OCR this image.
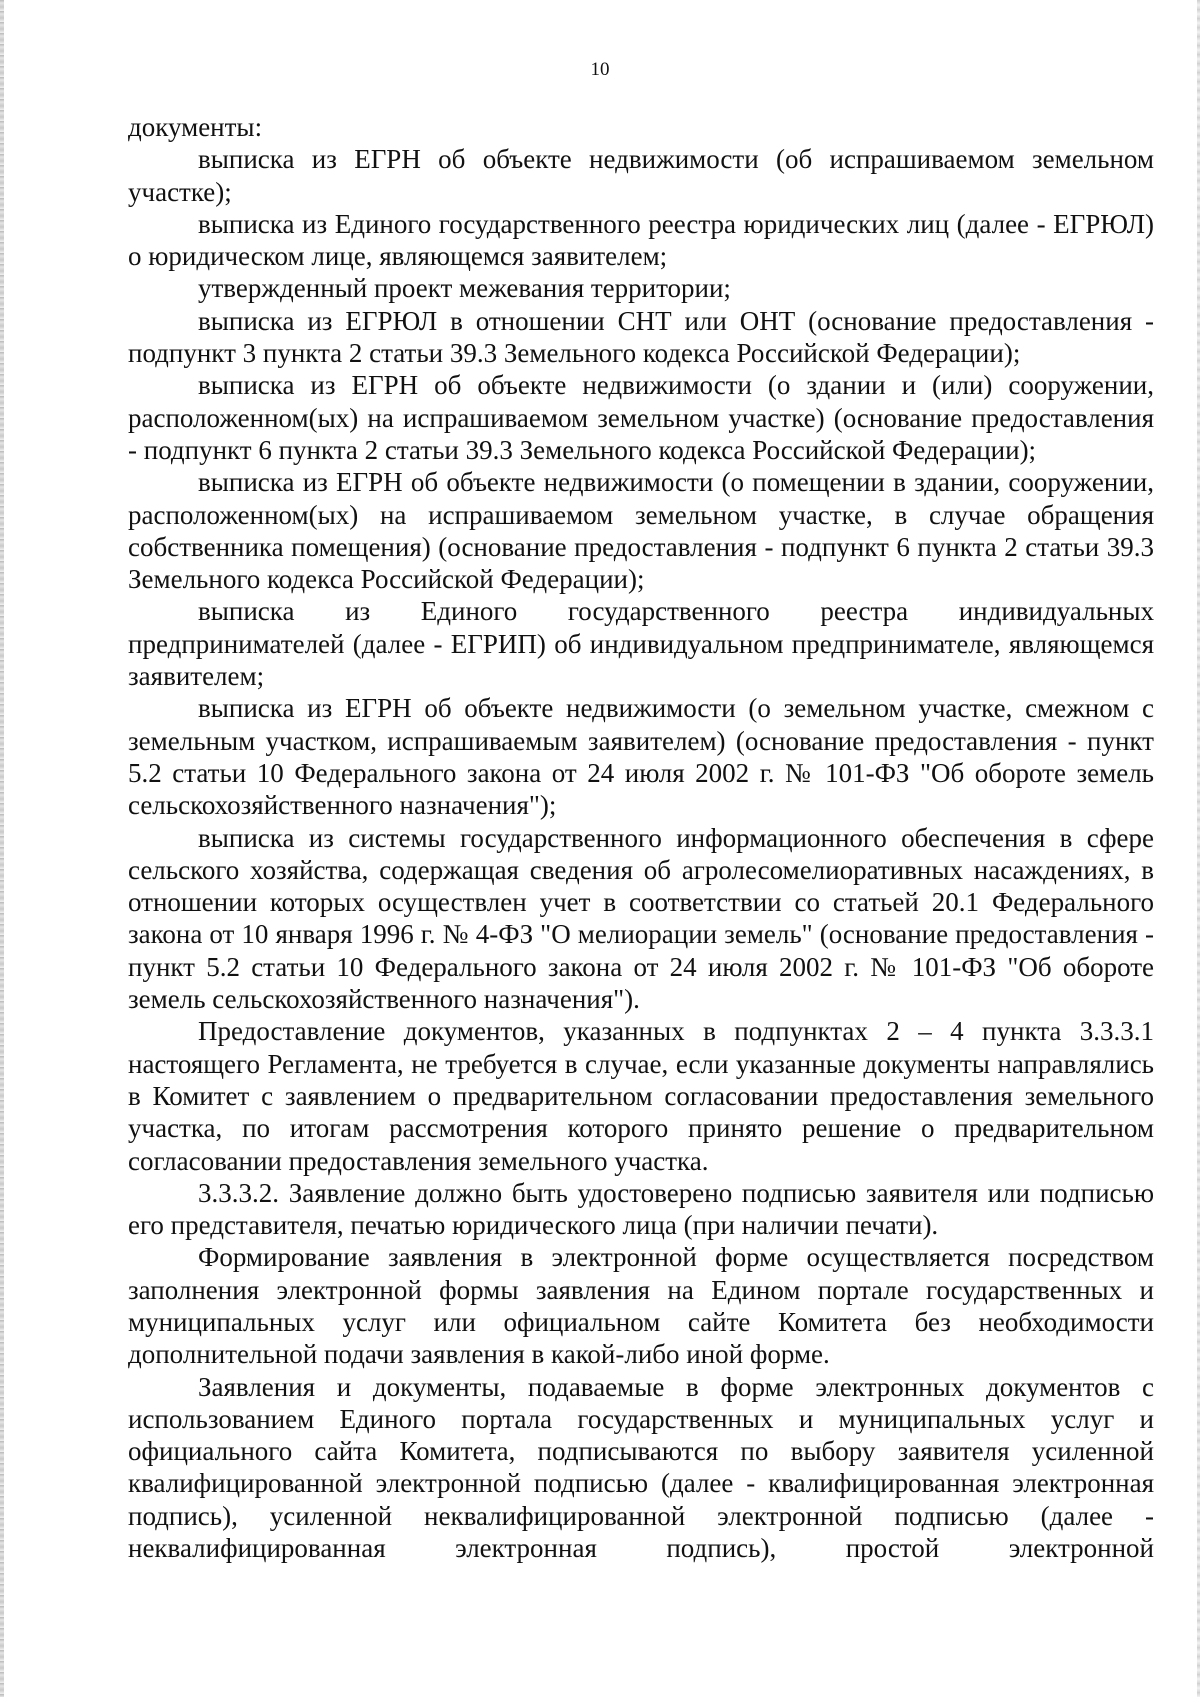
10

документы:

выписка из ЕГРН об объекте недвижимости (об испрашиваемом земельном участке);

выписка из Единого государственного реестра юридических лиц (далее - ЕГРЮЛ) о юридическом лице, являющемся заявителем;

утвержденный проект межевания территории;

выписка из ЕГРЮЛ в отношении СНТ или ОНТ (основание предоставления - подпункт 3 пункта 2 статьи 39.3 Земельного кодекса Российской Федерации);

выписка из ЕГРН об объекте недвижимости (о здании и (или) сооружении, расположенном(ых) на испрашиваемом земельном участке) (основание предоставления - подпункт 6 пункта 2 статьи 39.3 Земельного кодекса Российской Федерации);

выписка из ЕГРН об объекте недвижимости (о помещении в здании, сооружении, расположенном(ых) на испрашиваемом земельном участке, в случае обращения собственника помещения) (основание предоставления - подпункт 6 пункта 2 статьи 39.3 Земельного кодекса Российской Федерации);

выписка из Единого государственного реестра индивидуальных предпринимателей (далее - ЕГРИП) об индивидуальном предпринимателе, являющемся заявителем;

выписка из ЕГРН об объекте недвижимости (о земельном участке, смежном с земельным участком, испрашиваемым заявителем) (основание предоставления - пункт 5.2 статьи 10 Федерального закона от 24 июля 2002 г. № 101-ФЗ "Об обороте земель сельскохозяйственного назначения");

выписка из системы государственного информационного обеспечения в сфере сельского хозяйства, содержащая сведения об агролесомелиоративных насаждениях, в отношении которых осуществлен учет в соответствии со статьей 20.1 Федерального закона от 10 января 1996 г. № 4-ФЗ "О мелиорации земель" (основание предоставления - пункт 5.2 статьи 10 Федерального закона от 24 июля 2002 г. № 101-ФЗ "Об обороте земель сельскохозяйственного назначения").

Предоставление документов, указанных в подпунктах 2 – 4 пункта 3.3.3.1 настоящего Регламента, не требуется в случае, если указанные документы направлялись в Комитет с заявлением о предварительном согласовании предоставления земельного участка, по итогам рассмотрения которого принято решение о предварительном согласовании предоставления земельного участка.

3.3.3.2. Заявление должно быть удостоверено подписью заявителя или подписью его представителя, печатью юридического лица (при наличии печати).

Формирование заявления в электронной форме осуществляется посредством заполнения электронной формы заявления на Едином портале государственных и муниципальных услуг или официальном сайте Комитета без необходимости дополнительной подачи заявления в какой-либо иной форме.

Заявления и документы, подаваемые в форме электронных документов с использованием Единого портала государственных и муниципальных услуг и официального сайта Комитета, подписываются по выбору заявителя усиленной квалифицированной электронной подписью (далее - квалифицированная электронная подпись), усиленной неквалифицированной электронной подписью (далее - неквалифицированная электронная подпись), простой электронной
